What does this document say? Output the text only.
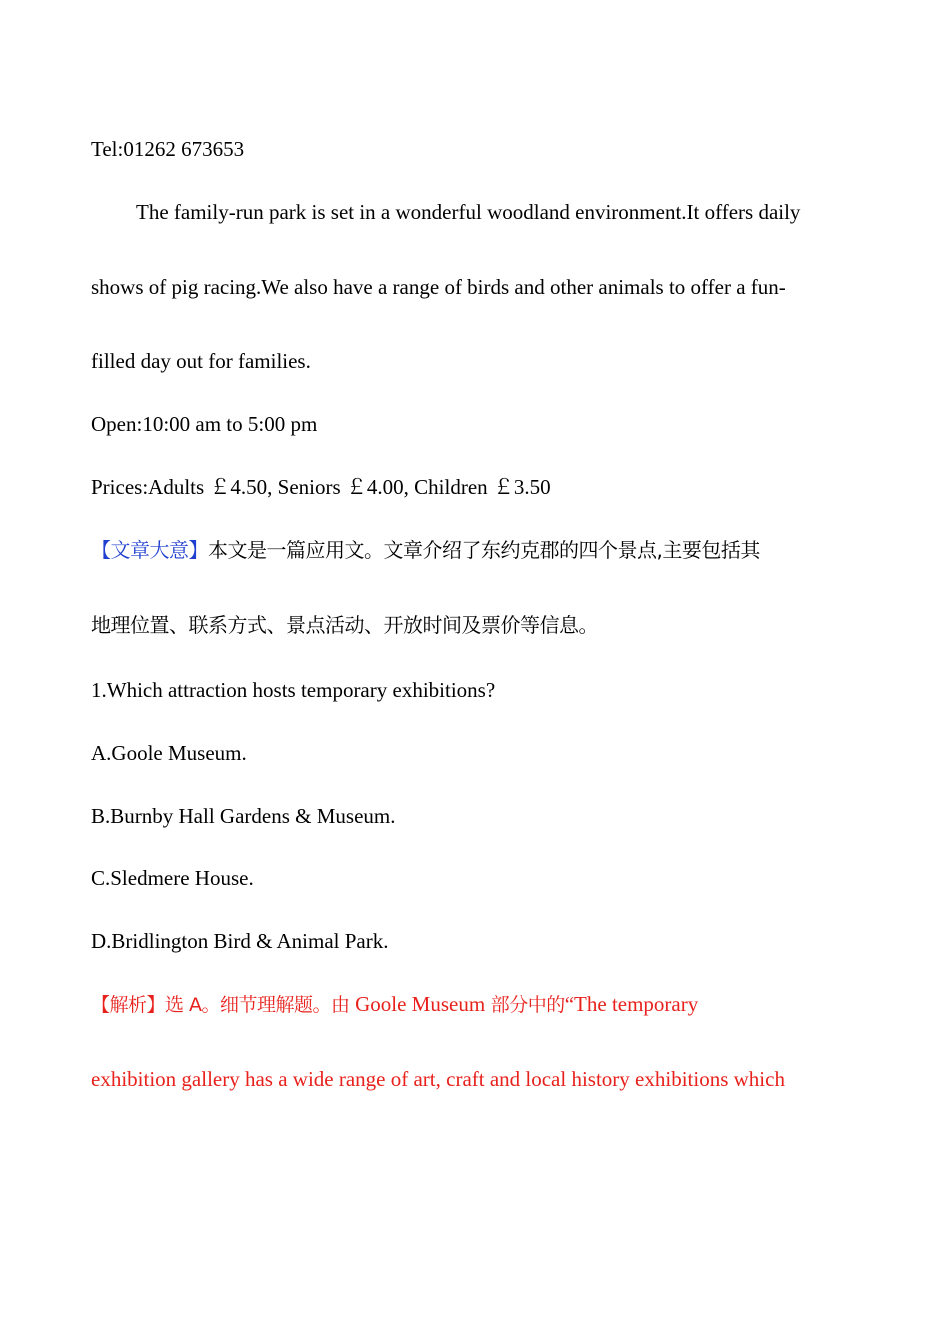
Tel:01262 673653
The family-run park is set in a wonderful woodland environment.It offers daily
shows of pig racing.We also have a range of birds and other animals to offer a fun-
filled day out for families.
Open:10:00 am to 5:00 pm
Prices:Adults ￡4.50, Seniors ￡4.00, Children ￡3.50
【文章大意】本文是一篇应用文。文章介绍了东约克郡的四个景点,主要包括其
地理位置、联系方式、景点活动、开放时间及票价等信息。
1.Which attraction hosts temporary exhibitions?
A.Goole Museum.
B.Burnby Hall Gardens & Museum.
C.Sledmere House.
D.Bridlington Bird & Animal Park.
【解析】选 A。细节理解题。由 Goole Museum 部分中的“The temporary
exhibition gallery has a wide range of art, craft and local history exhibitions which
